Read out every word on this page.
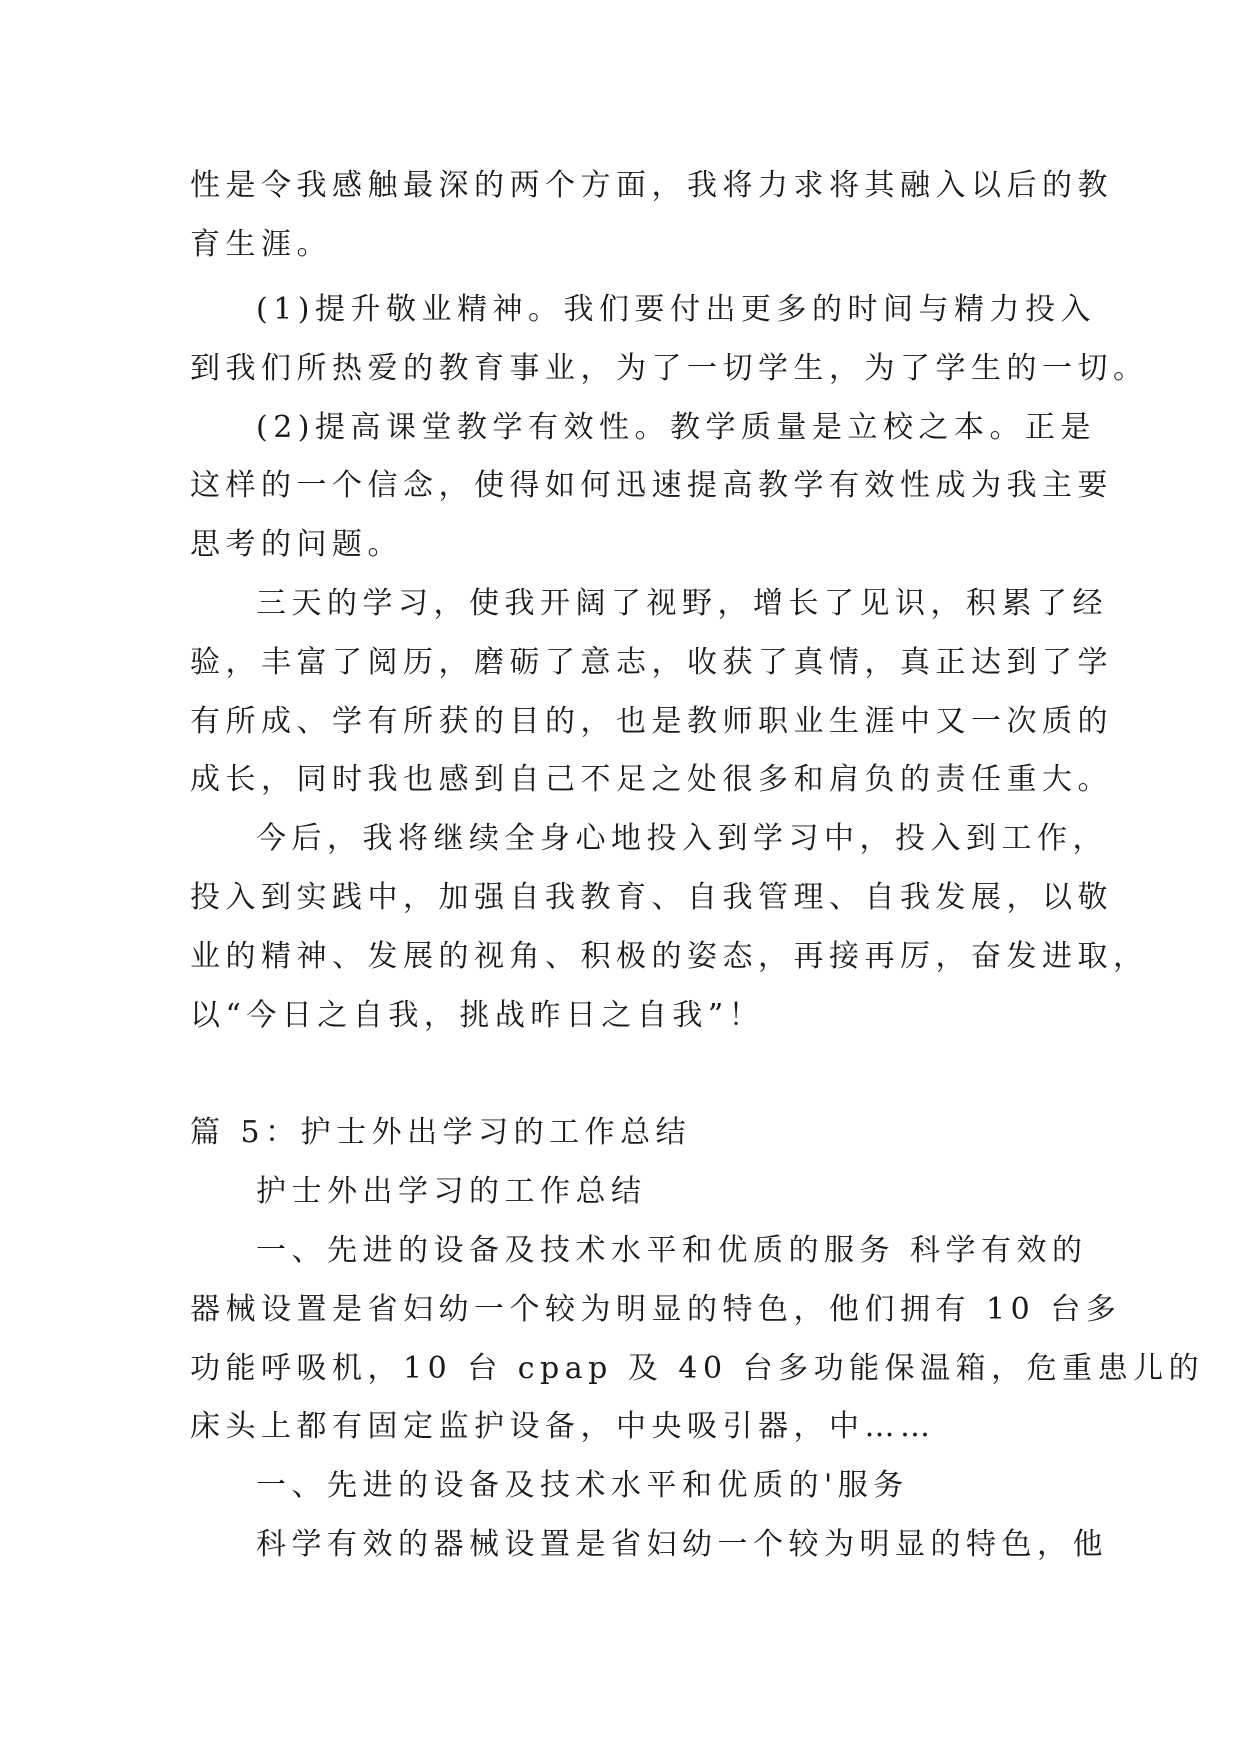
性是令我感触最深的两个方面，我将力求将其融入以后的教
育生涯。
(1)提升敬业精神。我们要付出更多的时间与精力投入
到我们所热爱的教育事业，为了一切学生，为了学生的一切。
(2)提高课堂教学有效性。教学质量是立校之本。正是
这样的一个信念，使得如何迅速提高教学有效性成为我主要
思考的问题。
三天的学习，使我开阔了视野，增长了见识，积累了经
验，丰富了阅历，磨砺了意志，收获了真情，真正达到了学
有所成、学有所获的目的，也是教师职业生涯中又一次质的
成长，同时我也感到自己不足之处很多和肩负的责任重大。
今后，我将继续全身心地投入到学习中，投入到工作，
投入到实践中，加强自我教育、自我管理、自我发展，以敬
业的精神、发展的视角、积极的姿态，再接再厉，奋发进取，
以“今日之自我，挑战昨日之自我”！
篇 5：护士外出学习的工作总结
护士外出学习的工作总结
一、先进的设备及技术水平和优质的服务 科学有效的
器械设置是省妇幼一个较为明显的特色，他们拥有 10 台多
功能呼吸机，10 台 cpap 及 40 台多功能保温箱，危重患儿的
床头上都有固定监护设备，中央吸引器，中……
一、先进的设备及技术水平和优质的'服务
科学有效的器械设置是省妇幼一个较为明显的特色，他
